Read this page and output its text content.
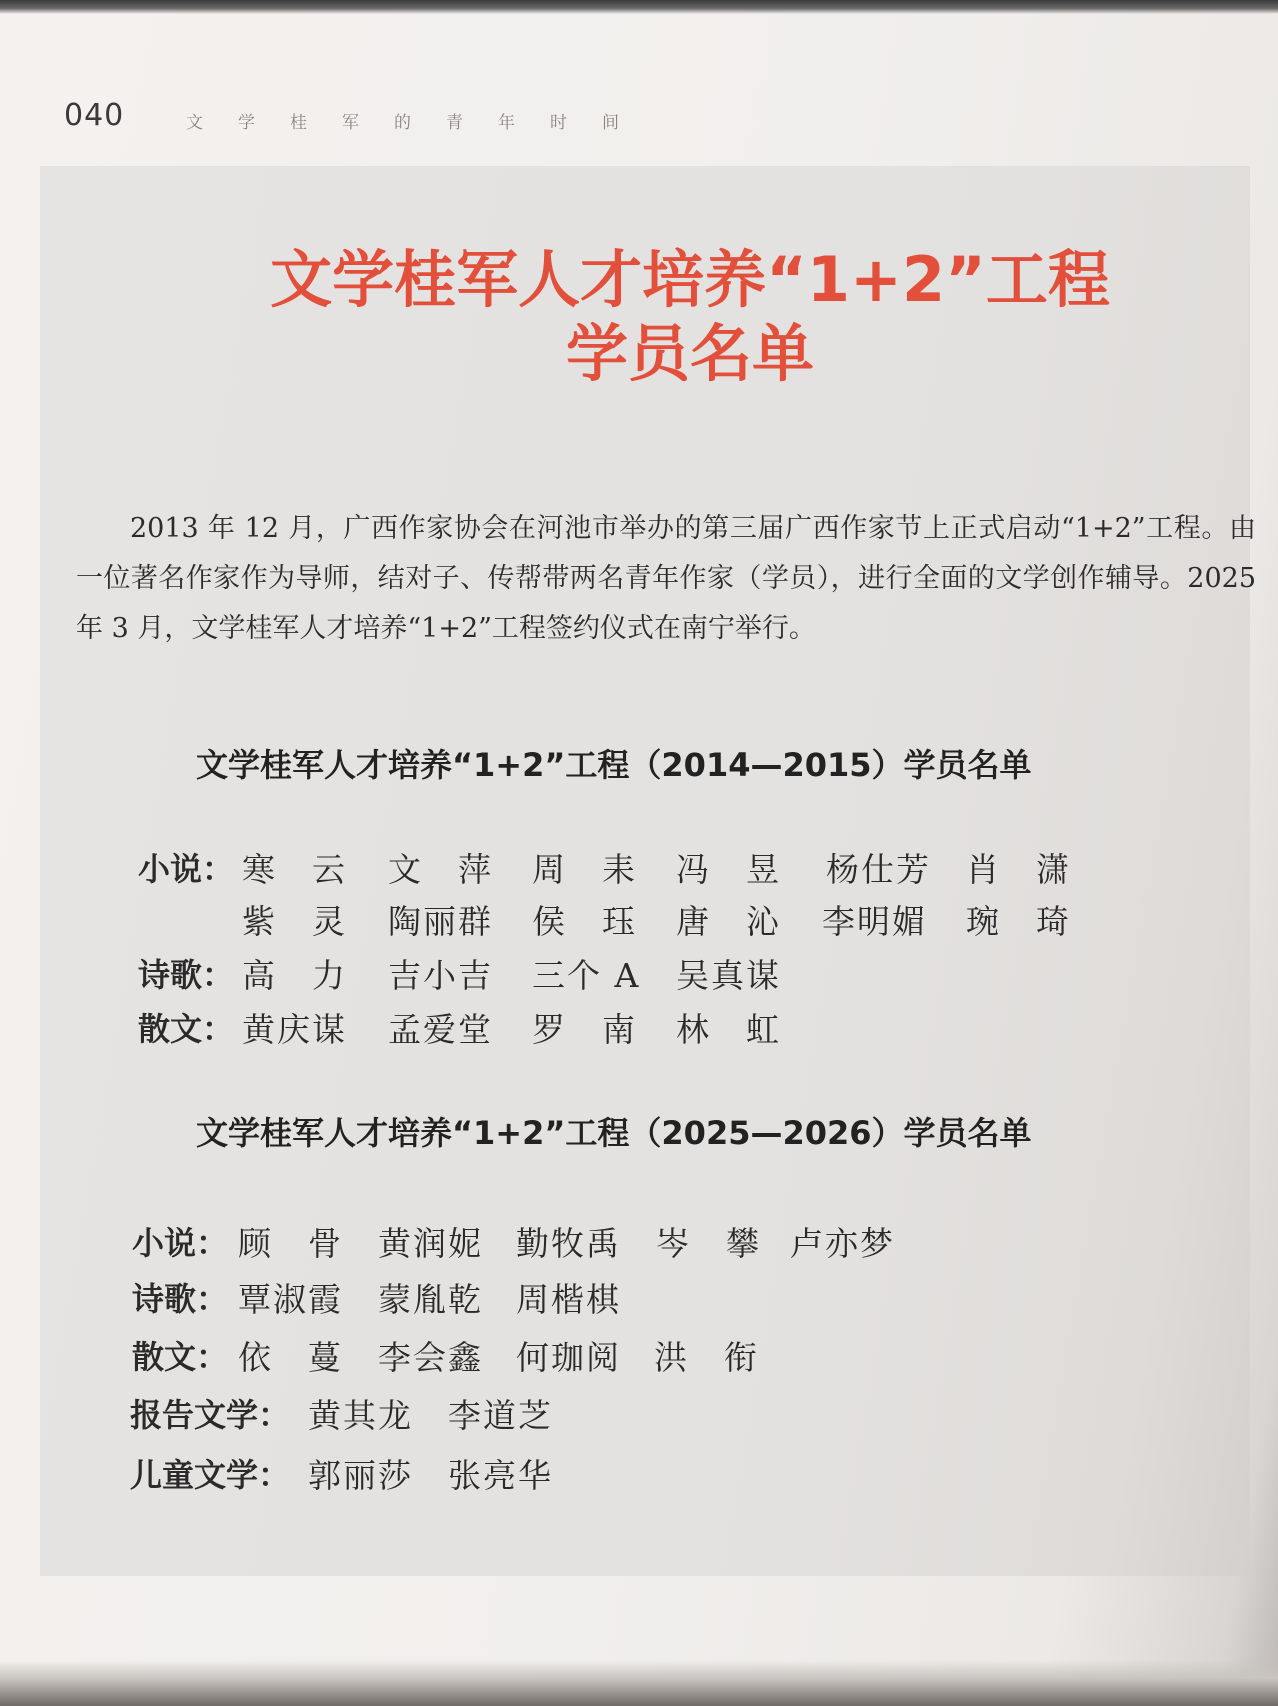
040	文学桂军的青年时间
文学桂军人才培养“1+2”工程
学员名单

2013 年 12 月，广西作家协会在河池市举办的第三届广西作家节上正式启动“1+2”工程。由一位著名作家作为导师，结对子、传帮带两名青年作家（学员），进行全面的文学创作辅导。2025 年 3 月，文学桂军人才培养“1+2”工程签约仪式在南宁举行。

文学桂军人才培养“1+2”工程（2014—2015）学员名单
小说： 寒　云 文　萍 周　耒 冯　昱 杨仕芳 肖　潇
紫　灵 陶丽群 侯　珏 唐　沁 李明媚 琬　琦
诗歌： 高　力 吉小吉 三个 A 吴真谋
散文： 黄庆谋 孟爱堂 罗　南 林　虹
文学桂军人才培养“1+2”工程（2025—2026）学员名单
小说： 顾　骨 黄润妮 勤牧禹 岑　攀 卢亦梦
诗歌： 覃淑霞 蒙胤乾 周楷棋
散文： 依　蔓 李会鑫 何珈阅 洪　衔
报告文学： 黄其龙 李道芝
儿童文学： 郭丽莎 张亮华
